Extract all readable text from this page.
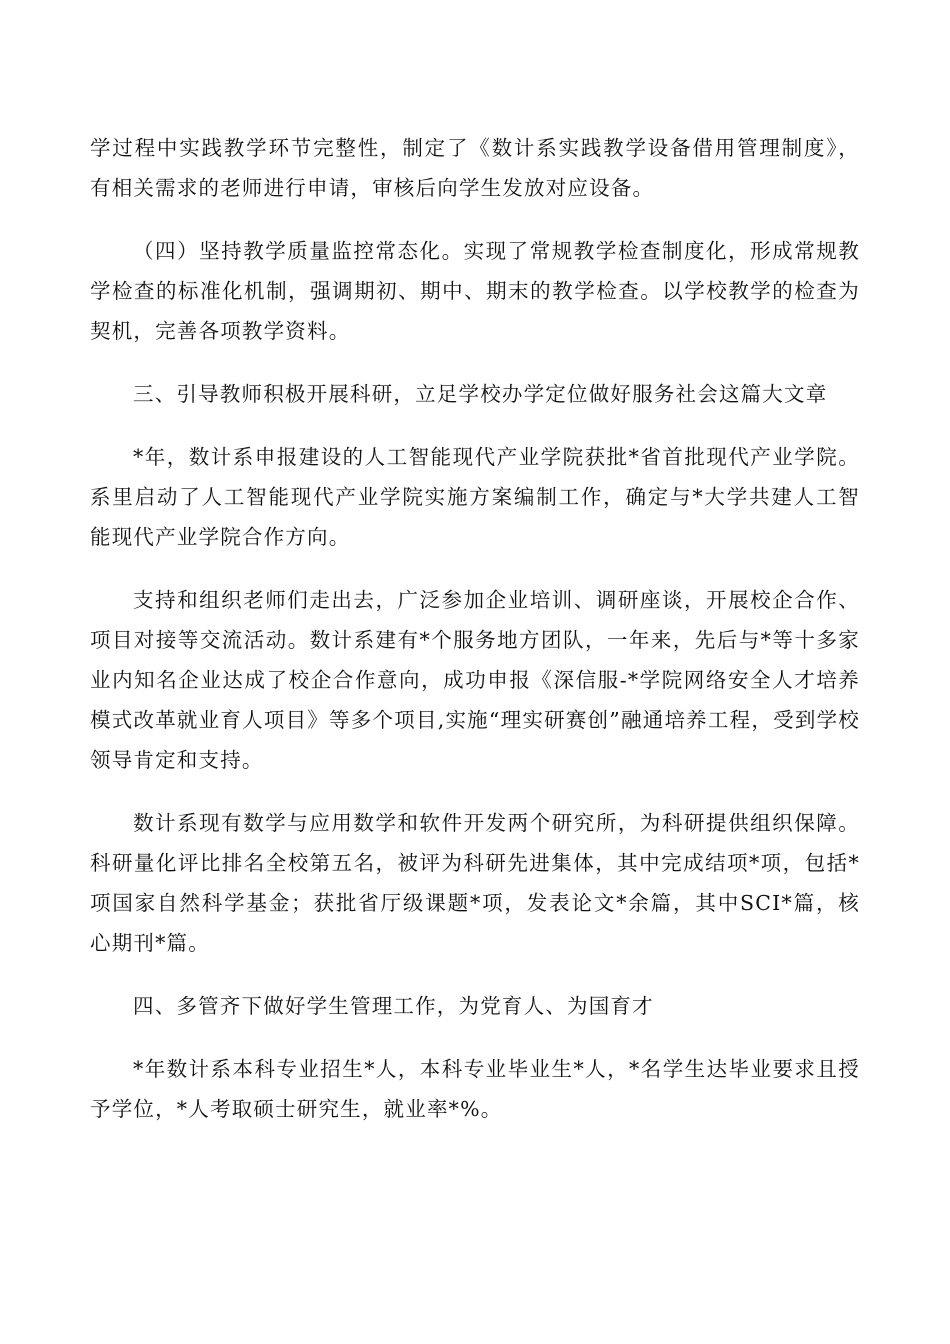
学过程中实践教学环节完整性，制定了《数计系实践教学设备借用管理制度》，有相关需求的老师进行申请，审核后向学生发放对应设备。

（四）坚持教学质量监控常态化。实现了常规教学检查制度化，形成常规教学检查的标准化机制，强调期初、期中、期末的教学检查。以学校教学的检查为契机，完善各项教学资料。

三、引导教师积极开展科研，立足学校办学定位做好服务社会这篇大文章

*年，数计系申报建设的人工智能现代产业学院获批*省首批现代产业学院。系里启动了人工智能现代产业学院实施方案编制工作，确定与*大学共建人工智能现代产业学院合作方向。

支持和组织老师们走出去，广泛参加企业培训、调研座谈，开展校企合作、项目对接等交流活动。数计系建有*个服务地方团队，一年来，先后与*等十多家业内知名企业达成了校企合作意向，成功申报《深信服-*学院网络安全人才培养模式改革就业育人项目》等多个项目,实施“理实研赛创”融通培养工程，受到学校领导肯定和支持。

数计系现有数学与应用数学和软件开发两个研究所，为科研提供组织保障。科研量化评比排名全校第五名，被评为科研先进集体，其中完成结项*项，包括*项国家自然科学基金；获批省厅级课题*项，发表论文*余篇，其中SCI*篇，核心期刊*篇。

四、多管齐下做好学生管理工作，为党育人、为国育才

*年数计系本科专业招生*人，本科专业毕业生*人，*名学生达毕业要求且授予学位，*人考取硕士研究生，就业率*%。
